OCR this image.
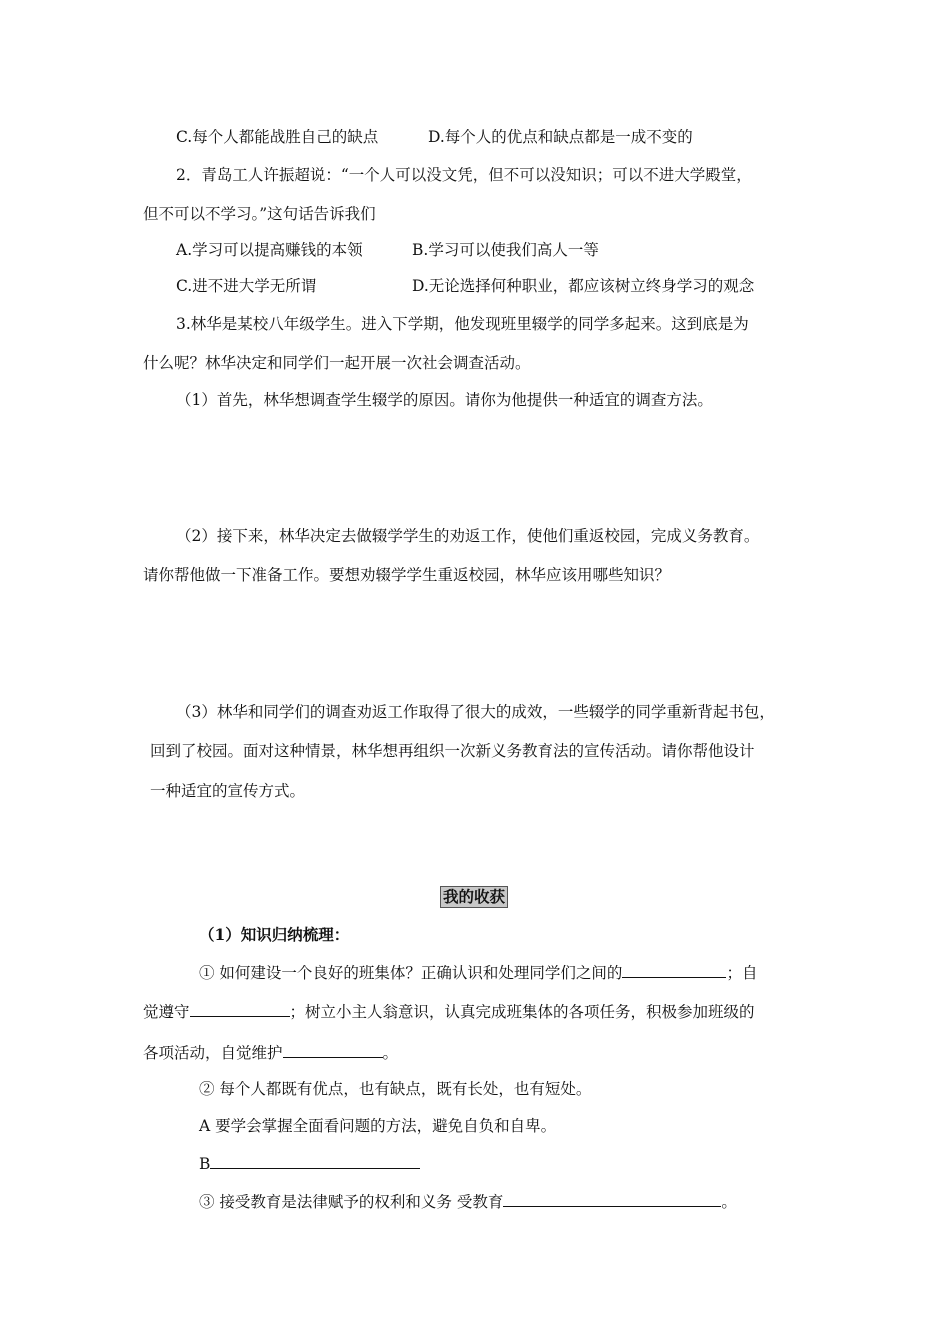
C.每个人都能战胜自己的缺点	D.每个人的优点和缺点都是一成不变的
2．青岛工人许振超说：“一个人可以没文凭，但不可以没知识；可以不进大学殿堂，
但不可以不学习。”这句话告诉我们
A.学习可以提高赚钱的本领	B.学习可以使我们高人一等
C.进不进大学无所谓	D.无论选择何种职业，都应该树立终身学习的观念
3.林华是某校八年级学生。进入下学期，他发现班里辍学的同学多起来。这到底是为
什么呢？林华决定和同学们一起开展一次社会调查活动。
（1）首先，林华想调查学生辍学的原因。请你为他提供一种适宜的调查方法。
（2）接下来，林华决定去做辍学学生的劝返工作，使他们重返校园，完成义务教育。
请你帮他做一下准备工作。要想劝辍学学生重返校园，林华应该用哪些知识？
（3）林华和同学们的调查劝返工作取得了很大的成效，一些辍学的同学重新背起书包，
回到了校园。面对这种情景，林华想再组织一次新义务教育法的宣传活动。请你帮他设计
一种适宜的宣传方式。
我的收获
（1）知识归纳梳理：
① 如何建设一个良好的班集体？正确认识和处理同学们之间的	；自
觉遵守	；树立小主人翁意识，认真完成班集体的各项任务，积极参加班级的
各项活动，自觉维护	。
② 每个人都既有优点，也有缺点，既有长处，也有短处。
A 要学会掌握全面看问题的方法，避免自负和自卑。
B
③ 接受教育是法律赋予的权利和义务 受教育	。
